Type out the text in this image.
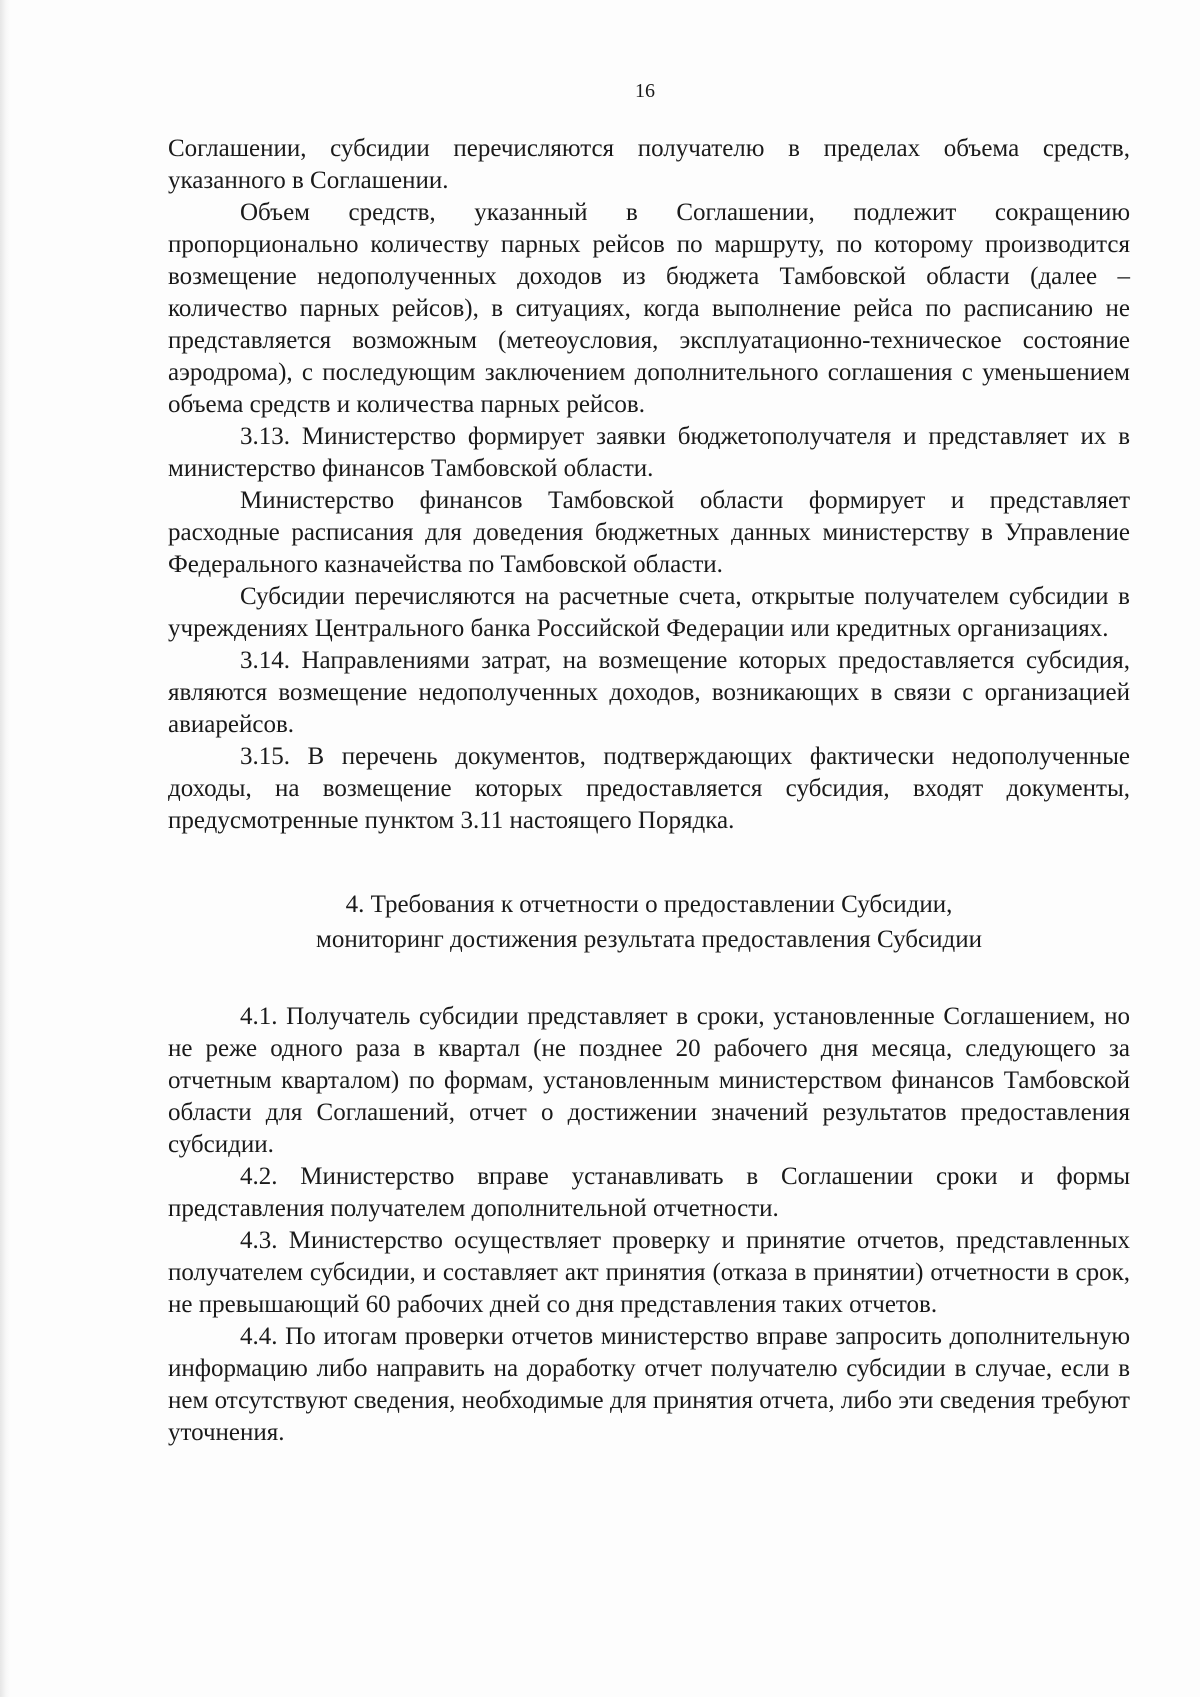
16

Соглашении, субсидии перечисляются получателю в пределах объема средств, указанного в Соглашении.

Объем средств, указанный в Соглашении, подлежит сокращению пропорционально количеству парных рейсов по маршруту, по которому производится возмещение недополученных доходов из бюджета Тамбовской области (далее – количество парных рейсов), в ситуациях, когда выполнение рейса по расписанию не представляется возможным (метеоусловия, эксплуатационно-техническое состояние аэродрома), с последующим заключением дополнительного соглашения с уменьшением объема средств и количества парных рейсов.

3.13. Министерство формирует заявки бюджетополучателя и представляет их в министерство финансов Тамбовской области.

Министерство финансов Тамбовской области формирует и представляет расходные расписания для доведения бюджетных данных министерству в Управление Федерального казначейства по Тамбовской области.

Субсидии перечисляются на расчетные счета, открытые получателем субсидии в учреждениях Центрального банка Российской Федерации или кредитных организациях.

3.14. Направлениями затрат, на возмещение которых предоставляется субсидия, являются возмещение недополученных доходов, возникающих в связи с организацией авиарейсов.

3.15. В перечень документов, подтверждающих фактически недополученные доходы, на возмещение которых предоставляется субсидия, входят документы, предусмотренные пунктом 3.11 настоящего Порядка.

4. Требования к отчетности о предоставлении Субсидии,
мониторинг достижения результата предоставления Субсидии

4.1. Получатель субсидии представляет в сроки, установленные Соглашением, но не реже одного раза в квартал (не позднее 20 рабочего дня месяца, следующего за отчетным кварталом) по формам, установленным министерством финансов Тамбовской области для Соглашений, отчет о достижении значений результатов предоставления субсидии.

4.2. Министерство вправе устанавливать в Соглашении сроки и формы представления получателем дополнительной отчетности.

4.3. Министерство осуществляет проверку и принятие отчетов, представленных получателем субсидии, и составляет акт принятия (отказа в принятии) отчетности в срок, не превышающий 60 рабочих дней со дня представления таких отчетов.

4.4. По итогам проверки отчетов министерство вправе запросить дополнительную информацию либо направить на доработку отчет получателю субсидии в случае, если в нем отсутствуют сведения, необходимые для принятия отчета, либо эти сведения требуют уточнения.
